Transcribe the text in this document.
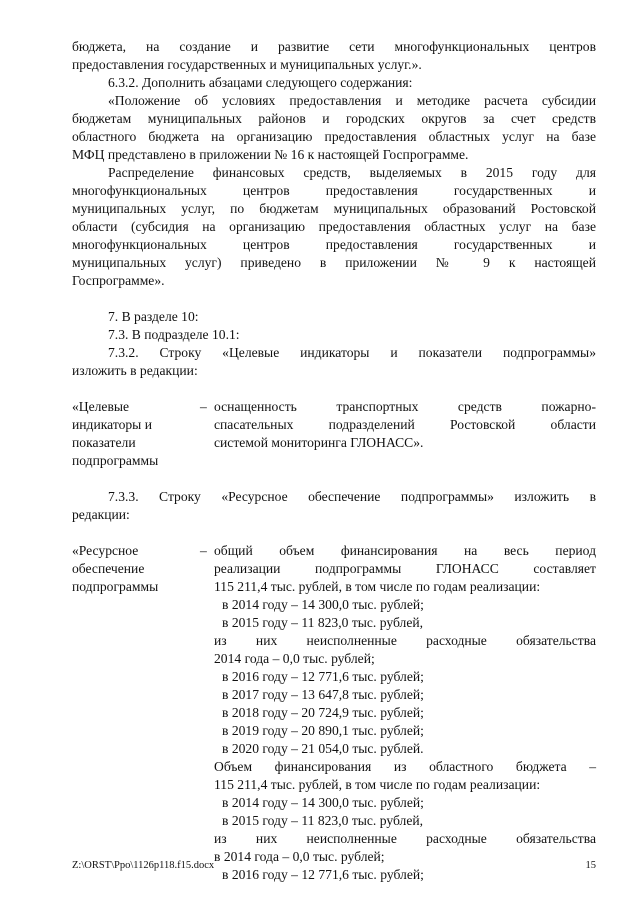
бюджета, на создание и развитие сети многофункциональных центров

предоставления государственных и муниципальных услуг.».

6.3.2. Дополнить абзацами следующего содержания:

«Положение об условиях предоставления и методике расчета субсидии

бюджетам муниципальных районов и городских округов за счет средств

областного бюджета на организацию предоставления областных услуг на базе

МФЦ представлено в приложении № 16 к настоящей Госпрограмме.

Распределение финансовых средств, выделяемых в 2015 году для

многофункциональных центров предоставления государственных и

муниципальных услуг, по бюджетам муниципальных образований Ростовской

области (субсидия на организацию предоставления областных услуг на базе

многофункциональных центров предоставления государственных и

муниципальных услуг) приведено в приложении № 9 к настоящей

Госпрограмме».

7. В разделе 10:

7.3. В подразделе 10.1:

7.3.2. Строку «Целевые индикаторы и показатели подпрограммы»

изложить в редакции:

«Целевые
индикаторы и
показатели
подпрограммы
– оснащенность транспортных средств пожарно-

спасательных подразделений Ростовской области

системой мониторинга ГЛОНАСС».

7.3.3. Строку «Ресурсное обеспечение подпрограммы» изложить в

редакции:

«Ресурсное
обеспечение
подпрограммы
– общий объем финансирования на весь период

реализации подпрограммы ГЛОНАСС составляет

115 211,4 тыс. рублей, в том числе по годам реализации:

в 2014 году – 14 300,0 тыс. рублей;

в 2015 году – 11 823,0 тыс. рублей,

из них неисполненные расходные обязательства

2014 года – 0,0 тыс. рублей;

в 2016 году – 12 771,6 тыс. рублей;

в 2017 году – 13 647,8 тыс. рублей;

в 2018 году – 20 724,9 тыс. рублей;

в 2019 году – 20 890,1 тыс. рублей;

в 2020 году – 21 054,0 тыс. рублей.

Объем финансирования из областного бюджета –

115 211,4 тыс. рублей, в том числе по годам реализации:

в 2014 году – 14 300,0 тыс. рублей;

в 2015 году – 11 823,0 тыс. рублей,

из них неисполненные расходные обязательства

в 2014 года – 0,0 тыс. рублей;

в 2016 году – 12 771,6 тыс. рублей;

Z:\ORST\Ppo\1126p118.f15.docx	15
